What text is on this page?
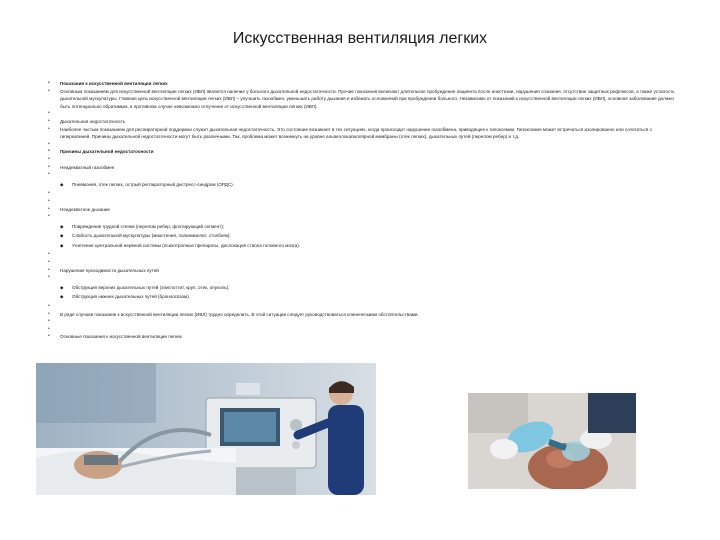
Искусственная вентиляция легких
• Показания к искусственной вентиляции легких
• Основным показанием для искусственной вентиляции легких (ИВЛ) является наличие у больного дыхательной недостаточности. Прочие показания включают длительное пробуждение пациента после анестезии, нарушения сознания, отсутствие защитных рефлексов, а также усталость дыхательной мускулатуры. Главная цель искусственной вентиляции легких (ИВЛ) – улучшить газообмен, уменьшать работу дыхания и избежать осложнений при пробуждении больного. Независимо от показаний к искусственной вентиляции легких (ИВЛ), основное заболевание должно быть потенциально обратимым, в противном случае невозможно отлучение от искусственной вентиляции легких (ИВЛ).
•
• Дыхательная недостаточность
• Наиболее частым показанием для респираторной поддержки служит дыхательная недостаточность. Это состояние возникает в тех ситуациях, когда происходит нарушение газообмена, приводящее к гипоксемии. Гипоксемия может встречаться изолированно или сочетаться с гиперкапнией. Причины дыхательной недостаточности могут быть различными. Так, проблема может возникнуть на уровне альвеолокапиллярной мембраны (отек легких), дыхательных путей (перелом ребер) и т.д.
•
• Причины дыхательной недостаточности
•
• Неадекватный газообмен
•
◆ Пневмония, отек легких, острый респираторный дистресс-синдром (ОРДС).
•
•
• Неадекватное дыхание
•
◆ Повреждение грудной стенки (перелом ребер, флотирующий сегмент);
◆ Слабость дыхательной мускулатуры (миастения, полиомиелит, столбняк);
◆ Угнетение центральной нервной системы (психотропные препараты, дислокация ствола головного мозга).
•
•
• Нарушение проходимости дыхательных путей
•
◆ Обструкция верхних дыхательных путей (эпиглоттит, круп, отек, опухоль);
◆ Обструкция нижних дыхательных путей (бронхоспазм).
•
• В ряде случаев показания к искусственной вентиляции легких (ИВЛ) трудно определить. В этой ситуации следует руководствоваться клиническими обстоятельствами.
•
•
• Основные показания к искусственной вентиляции легких
